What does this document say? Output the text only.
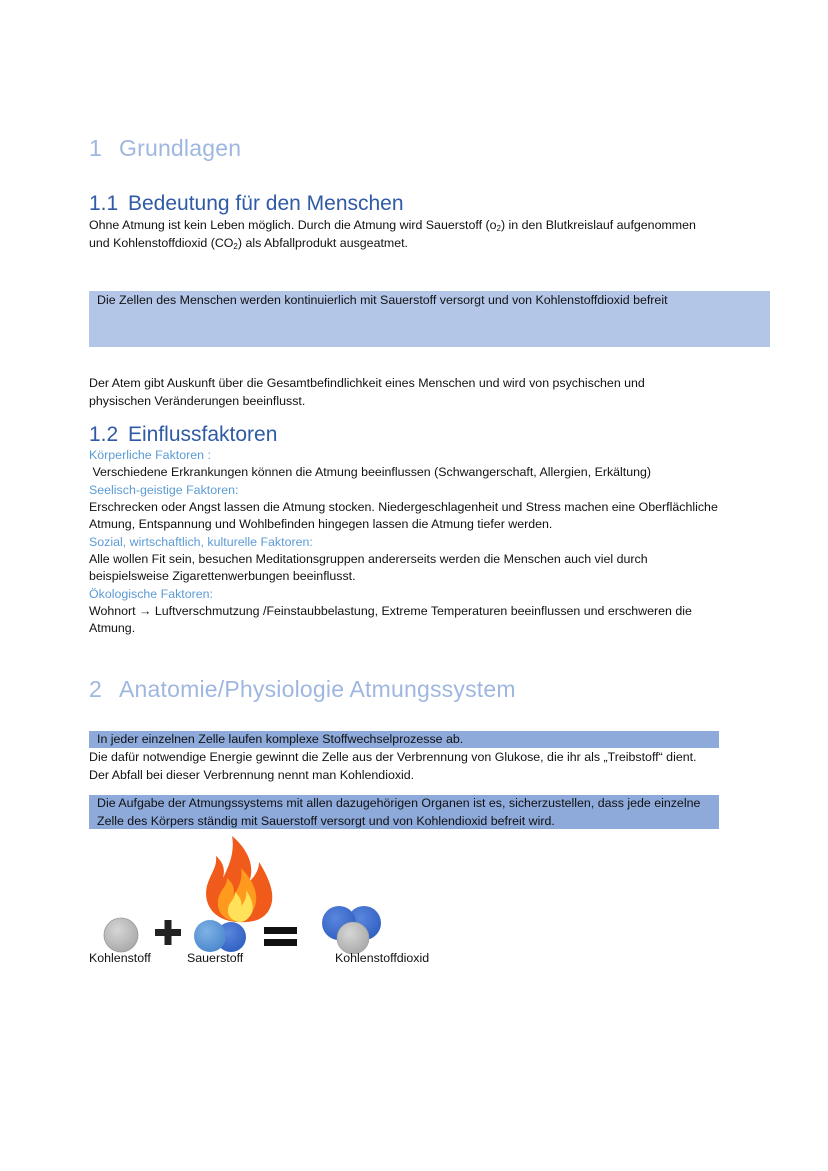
1 Grundlagen
1.1 Bedeutung für den Menschen
Ohne Atmung ist kein Leben möglich. Durch die Atmung wird Sauerstoff $(o_2)$ in den Blutkreislauf aufgenommen
und Kohlenstoffdioxid $(CO_2)$ als Abfallprodukt ausgeatmet.
Die Zellen des Menschen werden kontinuierlich mit Sauerstoff versorgt und von Kohlenstoffdioxid befreit
Der Atem gibt Auskunft über die Gesamtbefindlichkeit eines Menschen und wird von psychischen und
physischen Veränderungen beeinflusst.
1.2 Einflussfaktoren
Körperliche Faktoren :
Verschiedene Erkrankungen können die Atmung beeinflussen (Schwangerschaft, Allergien, Erkältung)
Seelisch-geistige Faktoren:
Erschrecken oder Angst lassen die Atmung stocken. Niedergeschlagenheit und Stress machen eine Oberflächliche
Atmung, Entspannung und Wohlbefinden hingegen lassen die Atmung tiefer werden.
Sozial, wirtschaftlich, kulturelle Faktoren:
Alle wollen Fit sein, besuchen Meditationsgruppen andererseits werden die Menschen auch viel durch
beispielsweise Zigarettenwerbungen beeinflusst.
Ökologische Faktoren:
Wohnort → Luftverschmutzung /Feinstaubbelastung, Extreme Temperaturen beeinflussen und erschweren die
Atmung.
2 Anatomie/Physiologie Atmungssystem
In jeder einzelnen Zelle laufen komplexe Stoffwechselprozesse ab.
Die dafür notwendige Energie gewinnt die Zelle aus der Verbrennung von Glukose, die ihr als „Treibstoff“ dient.
Der Abfall bei dieser Verbrennung nennt man Kohlendioxid.
Die Aufgabe der Atmungssystems mit allen dazugehörigen Organen ist es, sicherzustellen, dass jede einzelne
Zelle des Körpers ständig mit Sauerstoff versorgt und von Kohlendioxid befreit wird.
Kohlenstoff	Sauerstoff	Kohlenstoffdioxid
